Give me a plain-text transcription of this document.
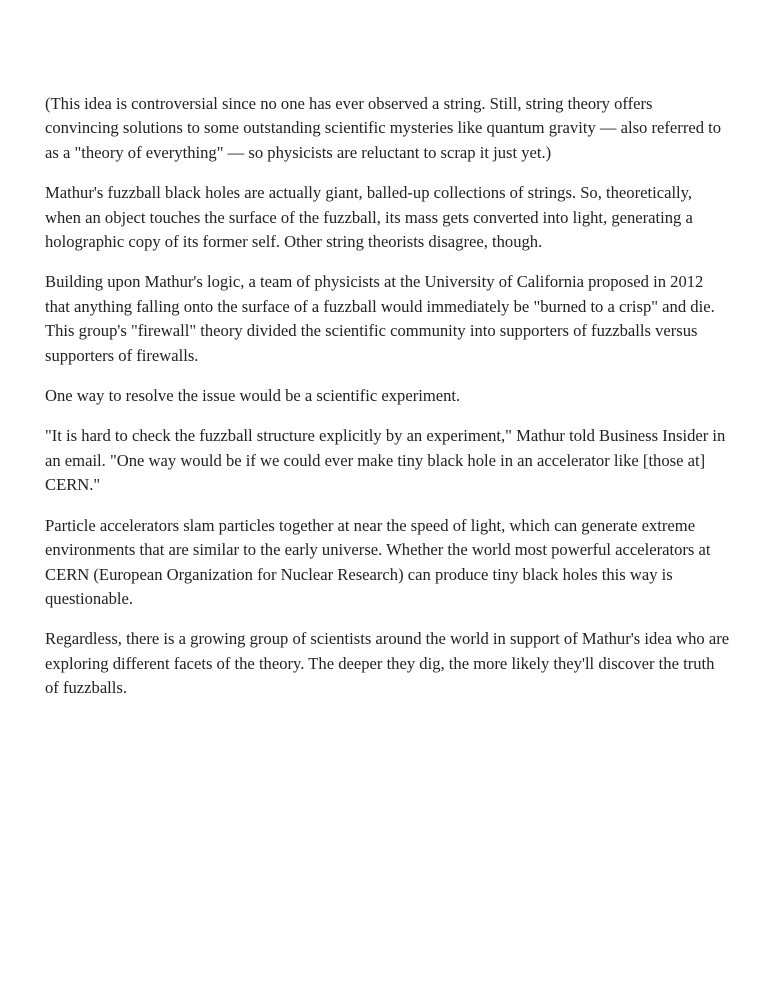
(This idea is controversial since no one has ever observed a string. Still, string theory offers convincing solutions to some outstanding scientific mysteries like quantum gravity — also referred to as a "theory of everything" — so physicists are reluctant to scrap it just yet.)

Mathur's fuzzball black holes are actually giant, balled-up collections of strings. So, theoretically, when an object touches the surface of the fuzzball, its mass gets converted into light, generating a holographic copy of its former self. Other string theorists disagree, though.

Building upon Mathur's logic, a team of physicists at the University of California proposed in 2012 that anything falling onto the surface of a fuzzball would immediately be "burned to a crisp" and die. This group's "firewall" theory divided the scientific community into supporters of fuzzballs versus supporters of firewalls.

One way to resolve the issue would be a scientific experiment.

"It is hard to check the fuzzball structure explicitly by an experiment," Mathur told Business Insider in an email. "One way would be if we could ever make tiny black hole in an accelerator like [those at] CERN."

Particle accelerators slam particles together at near the speed of light, which can generate extreme environments that are similar to the early universe. Whether the world most powerful accelerators at CERN (European Organization for Nuclear Research) can produce tiny black holes this way is questionable.

Regardless, there is a growing group of scientists around the world in support of Mathur's idea who are exploring different facets of the theory. The deeper they dig, the more likely they'll discover the truth of fuzzballs.
